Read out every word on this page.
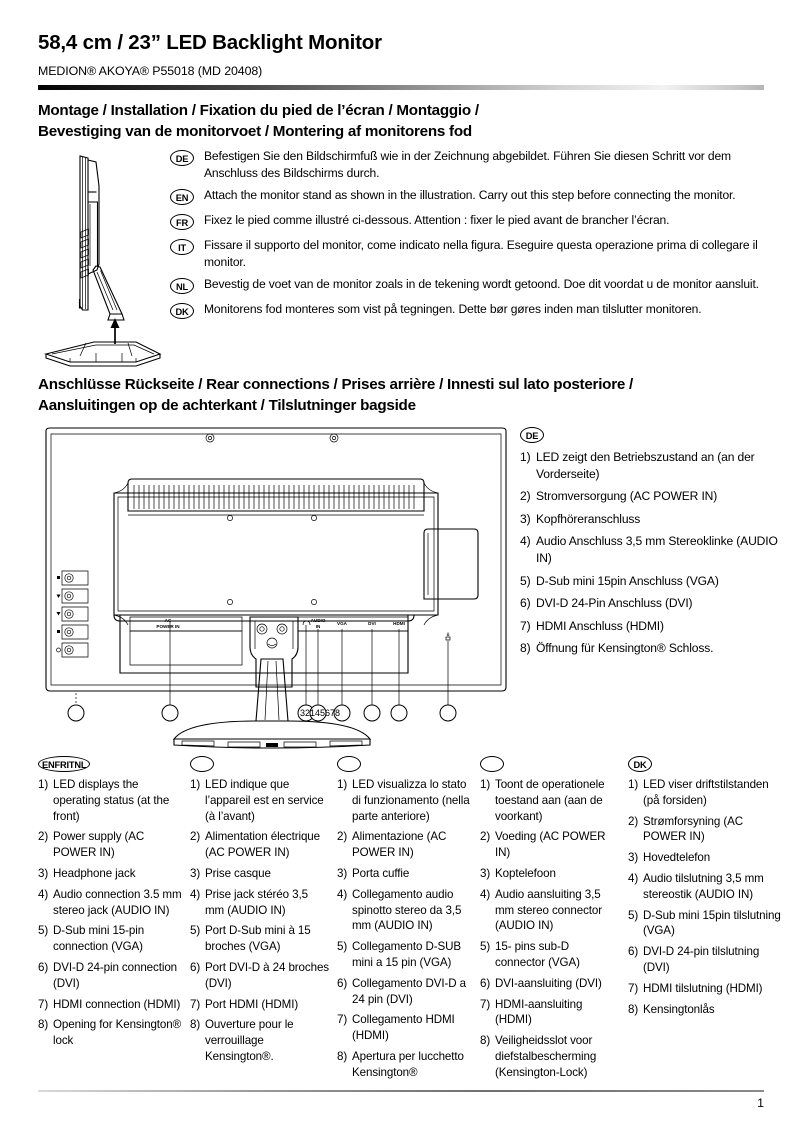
58,4 cm / 23” LED Backlight Monitor
MEDION® AKOYA® P55018 (MD 20408)
Montage / Installation / Fixation du pied de l’écran / Montaggio /
Bevestiging van de monitorvoet / Montering af monitorens fod
DE	Befestigen Sie den Bildschirmfuß wie in der Zeichnung abgebildet. Führen Sie diesen Schritt vor dem Anschluss des Bildschirms durch.
EN	Attach the monitor stand as shown in the illustration. Carry out this step before connecting the monitor.
FR	Fixez le pied comme illustré ci-dessous. Attention : fixer le pied avant de brancher l’écran.
IT	Fissare il supporto del monitor, come indicato nella figura. Eseguire questa operazione prima di collegare il monitor.
NL	Bevestig de voet van de monitor zoals in de tekening wordt getoond. Doe dit voordat u de monitor aansluit.
DK	Monitorens fod monteres som vist på tegningen. Dette bør gøres inden man tilslutter monitoren.
Anschlüsse Rückseite / Rear connections / Prises arrière / Innesti sul lato posteriore /
Aansluitingen op de achterkant / Tilslutninger bagside
AC
POWER IN
AUDIO
IN
VGA	DVI	HDMI
ô
32145678
DE
1) LED zeigt den Betriebszustand an (an der Vorderseite)
2) Stromversorgung (AC POWER IN)
3) Kopfhöreranschluss
4) Audio Anschluss 3,5 mm Stereoklinke (AUDIO IN)
5) D-Sub mini 15pin Anschluss (VGA)
6) DVI-D 24-Pin Anschluss (DVI)
7) HDMI Anschluss (HDMI)
8) Öffnung für Kensington® Schloss.
ENFRITNL
1) LED displays the operating status (at the front)
2) Power supply (AC POWER IN)
3) Headphone jack
4) Audio connection 3.5 mm stereo jack (AUDIO IN)
5) D-Sub mini 15-pin connection (VGA)
6) DVI-D 24-pin connection (DVI)
7) HDMI connection (HDMI)
8) Opening for Kensington® lock
1) LED indique que l’appareil est en service (à l’avant)
2) Alimentation électrique (AC POWER IN)
3) Prise casque
4) Prise jack stéréo 3,5 mm (AUDIO IN)
5) Port D-Sub mini à 15 broches (VGA)
6) Port DVI-D à 24 broches (DVI)
7) Port HDMI (HDMI)
8) Ouverture pour le verrouillage Kensington®.
1) LED visualizza lo stato di funzionamento (nella parte anteriore)
2) Alimentazione (AC POWER IN)
3) Porta cuffie
4) Collegamento audio spinotto stereo da 3,5 mm (AUDIO IN)
5) Collegamento D-SUB mini a 15 pin (VGA)
6) Collegamento DVI-D a 24 pin (DVI)
7) Collegamento HDMI (HDMI)
8) Apertura per lucchetto Kensington®
1) Toont de operationele toestand aan (aan de voorkant)
2) Voeding (AC POWER IN)
3) Koptelefoon
4) Audio aansluiting 3,5 mm stereo connector (AUDIO IN)
5) 15- pins sub-D connector (VGA)
6) DVI-aansluiting (DVI)
7) HDMI-aansluiting (HDMI)
8) Veiligheidsslot voor diefstalbescherming (Kensington-Lock)
DK
1) LED viser driftstilstanden (på forsiden)
2) Strømforsyning (AC POWER IN)
3) Hovedtelefon
4) Audio tilslutning 3,5 mm stereostik (AUDIO IN)
5) D-Sub mini 15pin tilslutning (VGA)
6) DVI-D 24-pin tilslutning (DVI)
7) HDMI tilslutning (HDMI)
8) Kensingtonlås
1
